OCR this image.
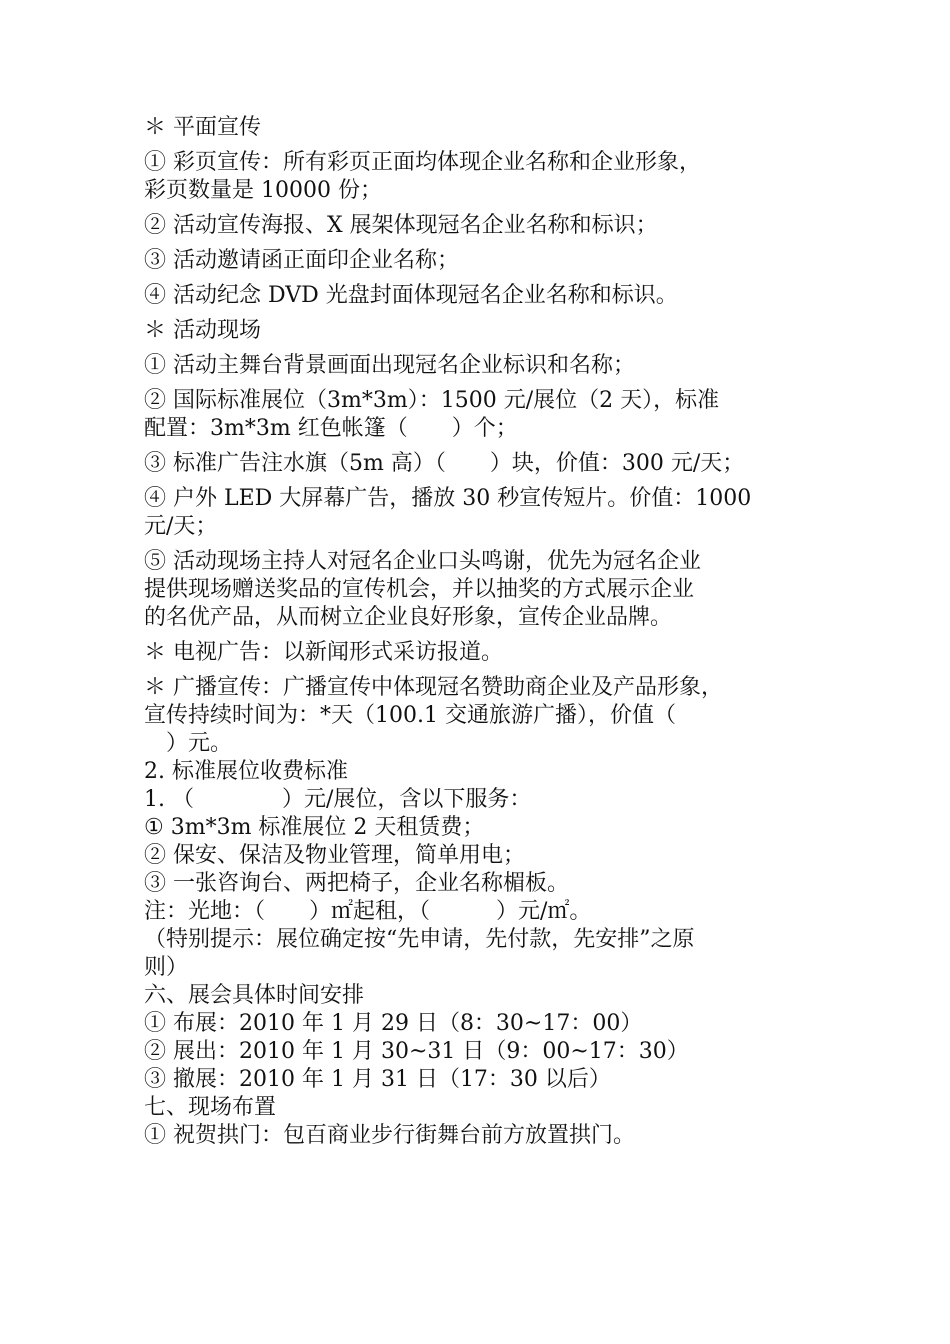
＊ 平面宣传

① 彩页宣传：所有彩页正面均体现企业名称和企业形象，
彩页数量是 10000 份；

② 活动宣传海报、X 展架体现冠名企业名称和标识；

③ 活动邀请函正面印企业名称；

④ 活动纪念 DVD 光盘封面体现冠名企业名称和标识。

＊ 活动现场

① 活动主舞台背景画面出现冠名企业标识和名称；

② 国际标准展位（3m*3m）：1500 元/展位（2 天），标准
配置：3m*3m 红色帐篷（　　）个；

③ 标准广告注水旗（5m 高）（　　）块，价值：300 元/天；

④ 户外 LED 大屏幕广告，播放 30 秒宣传短片。价值：1000
元/天；

⑤ 活动现场主持人对冠名企业口头鸣谢，优先为冠名企业
提供现场赠送奖品的宣传机会，并以抽奖的方式展示企业
的名优产品，从而树立企业良好形象，宣传企业品牌。

＊ 电视广告：以新闻形式采访报道。

＊ 广播宣传：广播宣传中体现冠名赞助商企业及产品形象，
宣传持续时间为：*天（100.1 交通旅游广播），价值（
　）元。

2. 标准展位收费标准

1. （　　　　）元/展位，含以下服务：

① 3m*3m 标准展位 2 天租赁费；

② 保安、保洁及物业管理，简单用电；

③ 一张咨询台、两把椅子，企业名称楣板。

注：光地：（　　）㎡起租，（　　　）元/㎡。

（特别提示：展位确定按“先申请，先付款，先安排”之原
则）

六、展会具体时间安排

① 布展：2010 年 1 月 29 日（8：30~17：00）

② 展出：2010 年 1 月 30~31 日（9：00~17：30）

③ 撤展：2010 年 1 月 31 日（17：30 以后）

七、现场布置

① 祝贺拱门：包百商业步行街舞台前方放置拱门。
